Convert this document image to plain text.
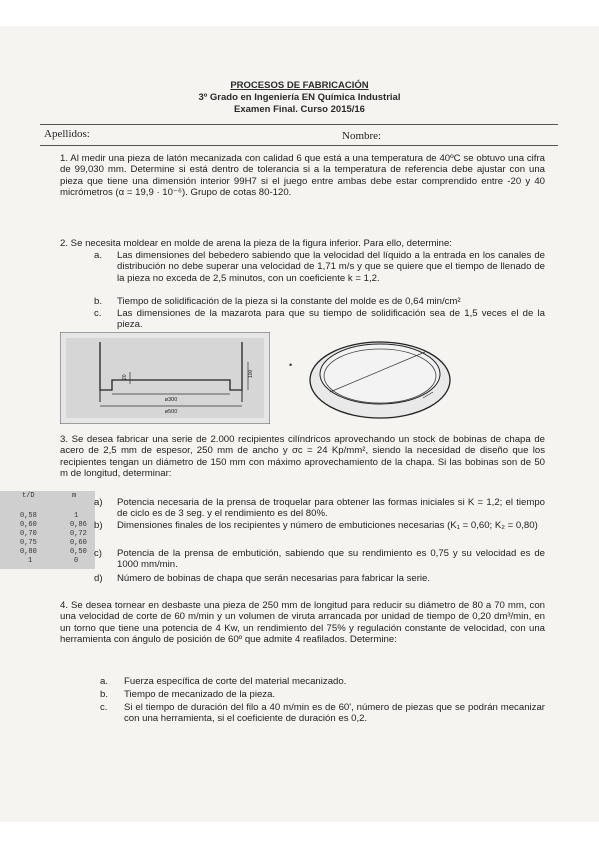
PROCESOS DE FABRICACIÓN
3º Grado en Ingeniería EN Química Industrial
Examen Final. Curso 2015/16
Apellidos:	Nombre:
1. Al medir una pieza de latón mecanizada con calidad 6 que está a una temperatura de 40ºC se obtuvo una cifra de 99,030 mm. Determine si está dentro de tolerancia si a la temperatura de referencia debe ajustar con una pieza que tiene una dimensión interior 99H7 si el juego entre ambas debe estar comprendido entre -20 y 40 micrómetros (α = 19,9 · 10⁻⁶). Grupo de cotas 80-120.
2. Se necesita moldear en molde de arena la pieza de la figura inferior. Para ello, determine:
a. Las dimensiones del bebedero sabiendo que la velocidad del líquido a la entrada en los canales de distribución no debe superar una velocidad de 1,71 m/s y que se quiere que el tiempo de llenado de la pieza no exceda de 2,5 minutos, con un coeficiente k = 1,2.
b. Tiempo de solidificación de la pieza si la constante del molde es de 0,64 min/cm²
c. Las dimensiones de la mazarota para que su tiempo de solidificación sea de 1,5 veces el de la pieza.
ø300
ø500
100
20
•
3. Se desea fabricar una serie de 2.000 recipientes cilíndricos aprovechando un stock de bobinas de chapa de acero de 2,5 mm de espesor, 250 mm de ancho y σc = 24 Kp/mm², siendo la necesidad de diseño que los recipientes tengan un diámetro de 150 mm con máximo aprovechamiento de la chapa. Si las bobinas son de 50 m de longitud, determinar:
t/D	m
0,58	1
0,60	0,86
0,70	0,72
0,75	0,60
0,80	0,50
1	0
a) Potencia necesaria de la prensa de troquelar para obtener las formas iniciales si K = 1,2; el tiempo de ciclo es de 3 seg. y el rendimiento es del 80%.
b) Dimensiones finales de los recipientes y número de embuticiones necesarias (K₁ = 0,60; K₂ = 0,80)
c) Potencia de la prensa de embutición, sabiendo que su rendimiento es 0,75 y su velocidad es de 1000 mm/min.
d) Número de bobinas de chapa que serán necesarias para fabricar la serie.
4. Se desea tornear en desbaste una pieza de 250 mm de longitud para reducir su diámetro de 80 a 70 mm, con una velocidad de corte de 60 m/min y un volumen de viruta arrancada por unidad de tiempo de 0,20 dm³/min, en un torno que tiene una potencia de 4 Kw, un rendimiento del 75% y regulación constante de velocidad, con una herramienta con ángulo de posición de 60º que admite 4 reafilados. Determine:
a. Fuerza específica de corte del material mecanizado.
b. Tiempo de mecanizado de la pieza.
c. Si el tiempo de duración del filo a 40 m/min es de 60', número de piezas que se podrán mecanizar con una herramienta, si el coeficiente de duración es 0,2.
